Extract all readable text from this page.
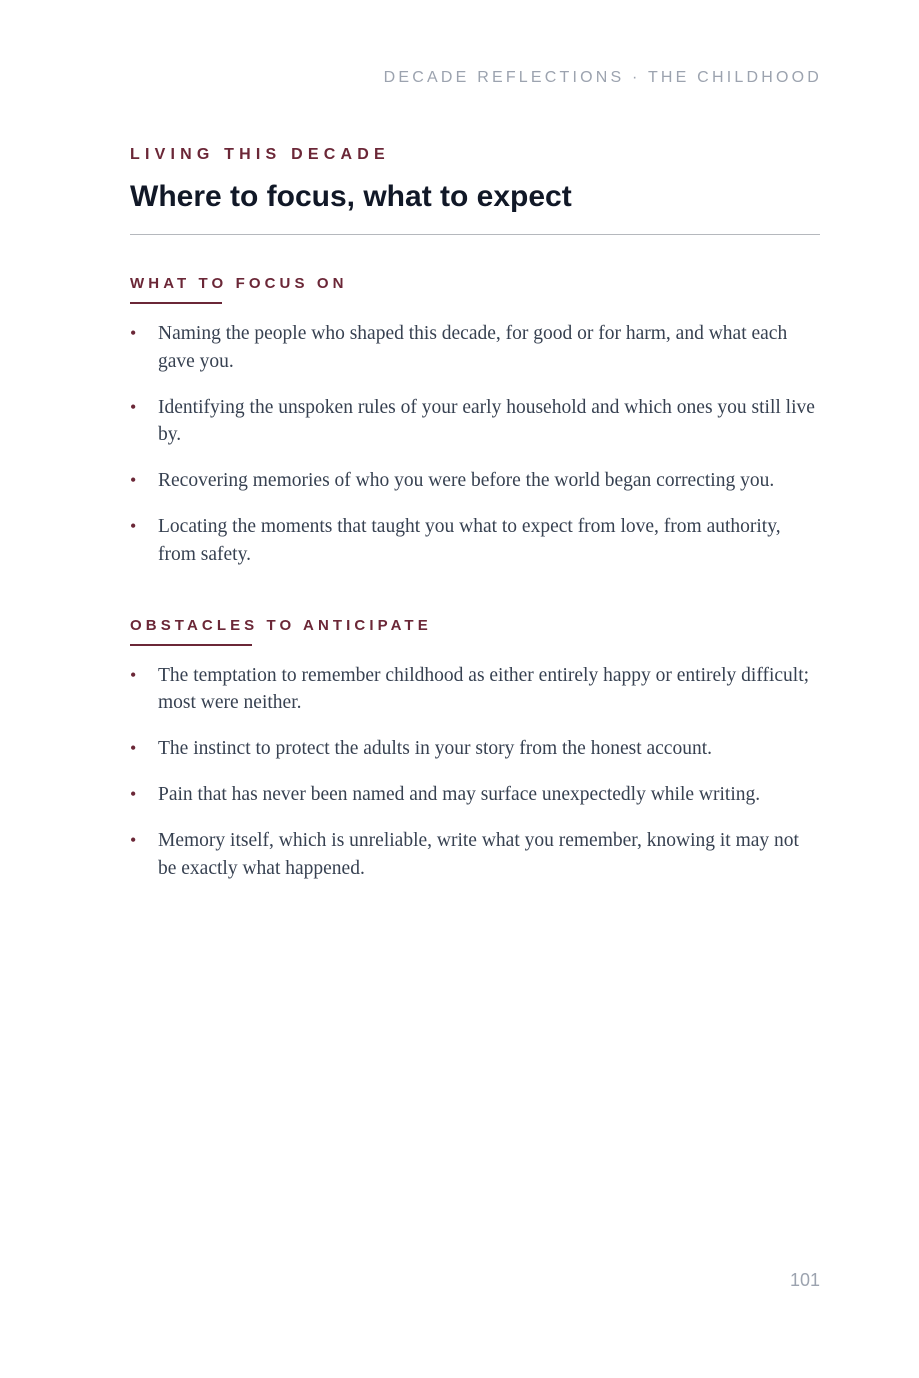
DECADE REFLECTIONS · THE CHILDHOOD

LIVING THIS DECADE

Where to focus, what to expect
WHAT TO FOCUS ON
• Naming the people who shaped this decade, for good or for harm, and what each gave you.
• Identifying the unspoken rules of your early household and which ones you still live by.
• Recovering memories of who you were before the world began correcting you.
• Locating the moments that taught you what to expect from love, from authority, from safety.
OBSTACLES TO ANTICIPATE
• The temptation to remember childhood as either entirely happy or entirely difficult; most were neither.
• The instinct to protect the adults in your story from the honest account.
• Pain that has never been named and may surface unexpectedly while writing.
• Memory itself, which is unreliable, write what you remember, knowing it may not be exactly what happened.
101
